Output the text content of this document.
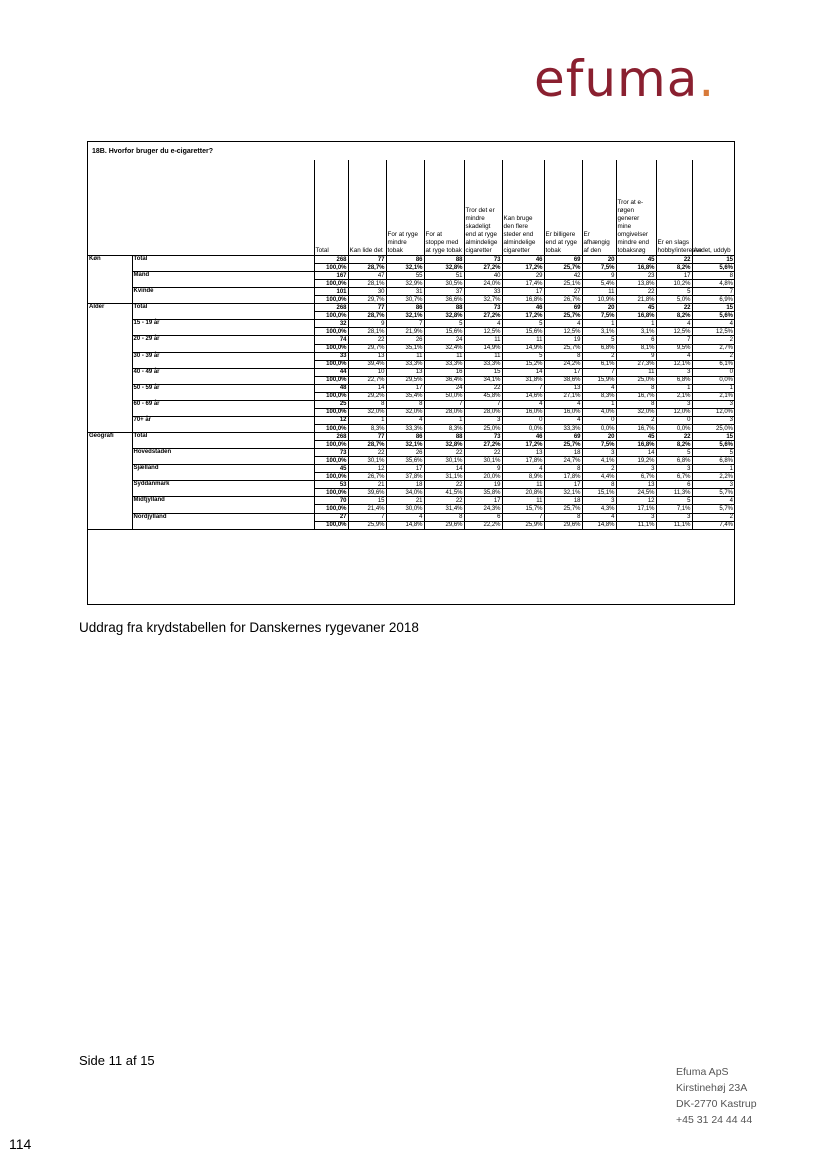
efuma.
18B. Hvorfor bruger du e-cigaretter?
		Total	Kan lide det	For at ryge mindre tobak	For at stoppe med at ryge tobak	Tror det er mindre skadeligt end at ryge almindelige cigaretter	Kan bruge den flere steder end almindelige cigaretter	Er billigere end at ryge tobak	Er afhængig af den	Tror at e-røgen generer mine omgivelser mindre end tobaksrøg	Er en slags hobby/interesse	Andet, uddyb
Køn	Total	268	77	86	88	73	46	69	20	45	22	15
		100,0%	28,7%	32,1%	32,8%	27,2%	17,2%	25,7%	7,5%	16,8%	8,2%	5,6%
	Mand	167	47	55	51	40	29	42	9	23	17	8
		100,0%	28,1%	32,9%	30,5%	24,0%	17,4%	25,1%	5,4%	13,8%	10,2%	4,8%
	Kvinde	101	30	31	37	33	17	27	11	22	5	7
		100,0%	29,7%	30,7%	36,6%	32,7%	16,8%	26,7%	10,9%	21,8%	5,0%	6,9%
Alder	Total	268	77	86	88	73	46	69	20	45	22	15
		100,0%	28,7%	32,1%	32,8%	27,2%	17,2%	25,7%	7,5%	16,8%	8,2%	5,6%
	15 - 19 år	32	9	7	5	4	5	4	1	1	4	4
		100,0%	28,1%	21,9%	15,6%	12,5%	15,6%	12,5%	3,1%	3,1%	12,5%	12,5%
	20 - 29 år	74	22	26	24	11	11	19	5	6	7	2
		100,0%	29,7%	35,1%	32,4%	14,9%	14,9%	25,7%	6,8%	8,1%	9,5%	2,7%
	30 - 39 år	33	13	11	11	11	5	8	2	9	4	2
		100,0%	39,4%	33,3%	33,3%	33,3%	15,2%	24,2%	6,1%	27,3%	12,1%	6,1%
	40 - 49 år	44	10	13	16	15	14	17	7	11	3	0
		100,0%	22,7%	29,5%	36,4%	34,1%	31,8%	38,6%	15,9%	25,0%	6,8%	0,0%
	50 - 59 år	48	14	17	24	22	7	13	4	8	1	1
		100,0%	29,2%	35,4%	50,0%	45,8%	14,6%	27,1%	8,3%	16,7%	2,1%	2,1%
	60 - 69 år	25	8	8	7	7	4	4	1	8	3	3
		100,0%	32,0%	32,0%	28,0%	28,0%	16,0%	16,0%	4,0%	32,0%	12,0%	12,0%
	70+ år	12	1	4	1	3	0	4	0	2	0	3
		100,0%	8,3%	33,3%	8,3%	25,0%	0,0%	33,3%	0,0%	16,7%	0,0%	25,0%
Geografi	Total	268	77	86	88	73	46	69	20	45	22	15
		100,0%	28,7%	32,1%	32,8%	27,2%	17,2%	25,7%	7,5%	16,8%	8,2%	5,6%
	Hovedstaden	73	22	26	22	22	13	18	3	14	5	5
		100,0%	30,1%	35,6%	30,1%	30,1%	17,8%	24,7%	4,1%	19,2%	6,8%	6,8%
	Sjælland	45	12	17	14	9	4	8	2	3	3	1
		100,0%	26,7%	37,8%	31,1%	20,0%	8,9%	17,8%	4,4%	6,7%	6,7%	2,2%
	Syddanmark	53	21	18	22	19	11	17	8	13	6	3
		100,0%	39,6%	34,0%	41,5%	35,8%	20,8%	32,1%	15,1%	24,5%	11,3%	5,7%
	Midtjylland	70	15	21	22	17	11	18	3	12	5	4
		100,0%	21,4%	30,0%	31,4%	24,3%	15,7%	25,7%	4,3%	17,1%	7,1%	5,7%
	Nordjylland	27	7	4	8	6	7	8	4	3	3	2
		100,0%	25,9%	14,8%	29,6%	22,2%	25,9%	29,6%	14,8%	11,1%	11,1%	7,4%
Uddrag fra krydstabellen for Danskernes rygevaner 2018
Side 11 af 15
Efuma ApS
Kirstinehøj 23A
DK-2770 Kastrup
+45 31 24 44 44
114
